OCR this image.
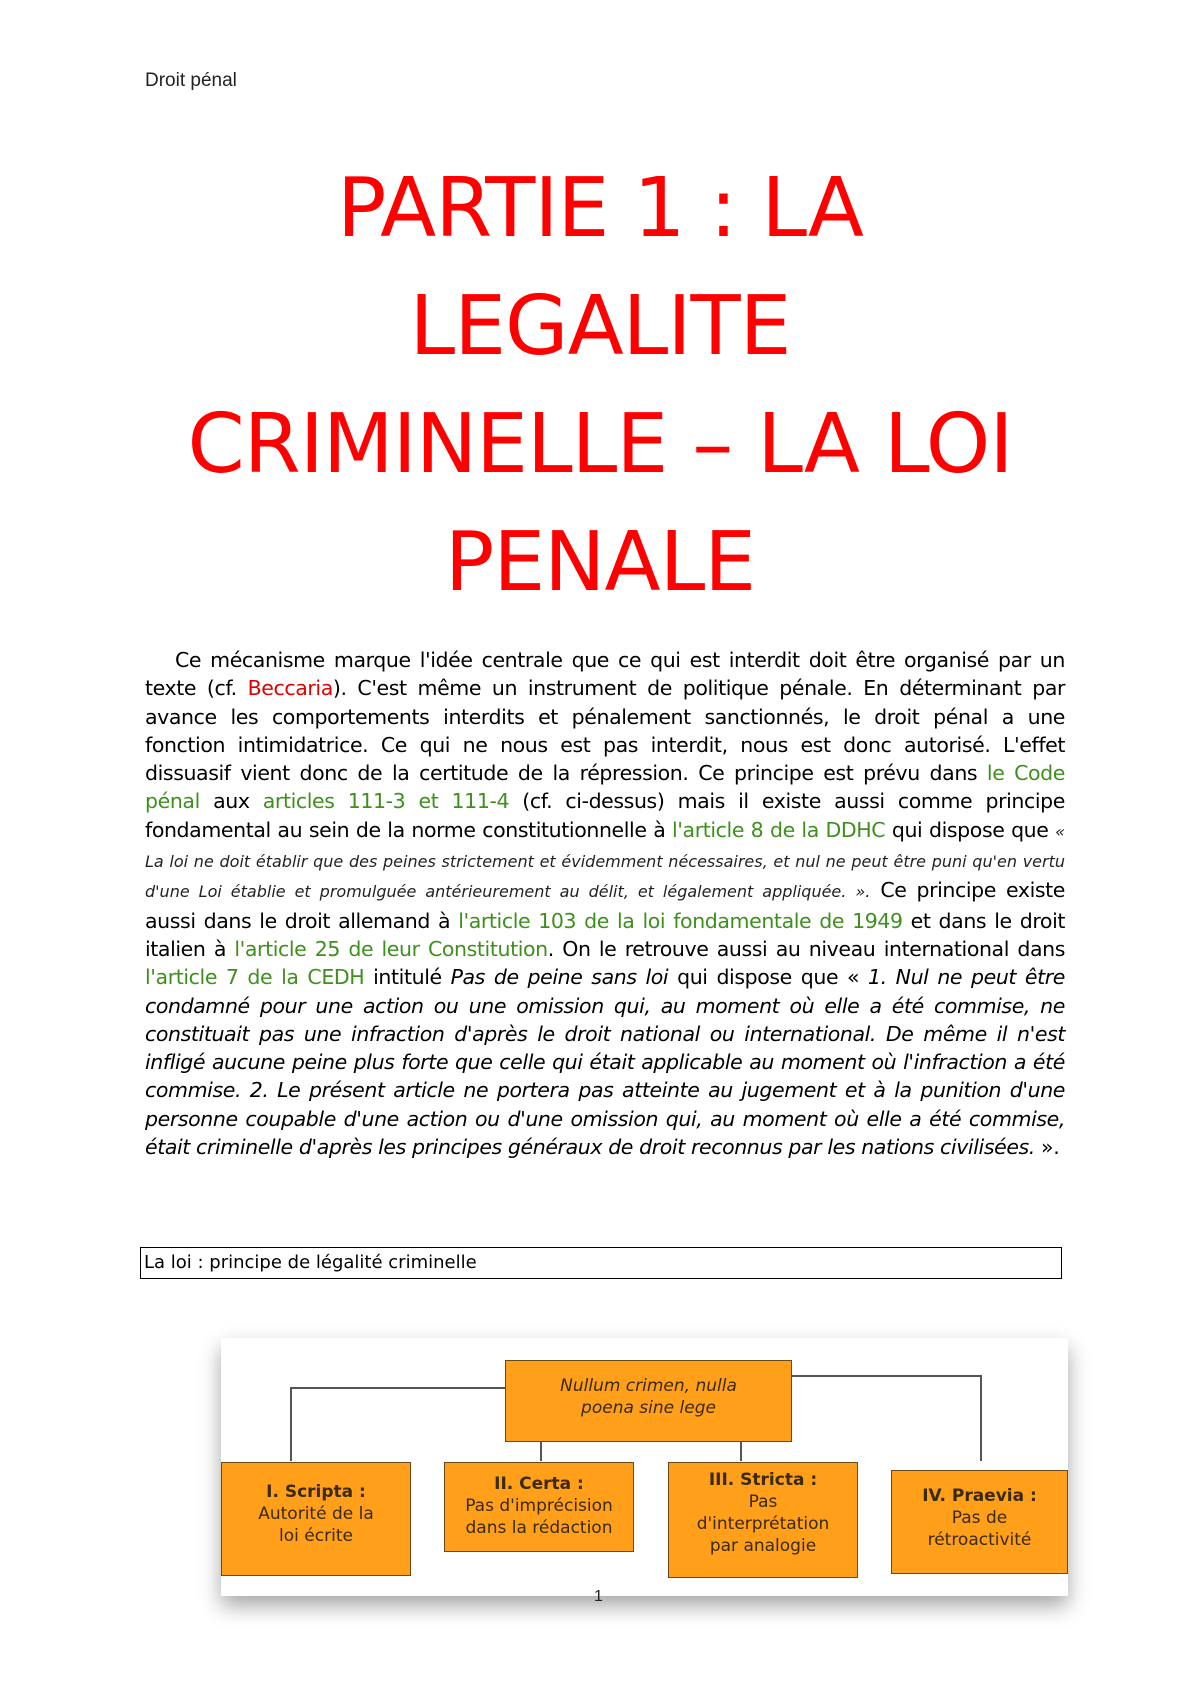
Droit pénal
PARTIE 1 : LA
LEGALITE
CRIMINELLE – LA LOI
PENALE

Ce mécanisme marque l'idée centrale que ce qui est interdit doit être organisé par un texte (cf. Beccaria). C'est même un instrument de politique pénale. En déterminant par avance les comportements interdits et pénalement sanctionnés, le droit pénal a une fonction intimidatrice. Ce qui ne nous est pas interdit, nous est donc autorisé. L'effet dissuasif vient donc de la certitude de la répression. Ce principe est prévu dans le Code pénal aux articles 111-3 et 111-4 (cf. ci-dessus) mais il existe aussi comme principe fondamental au sein de la norme constitutionnelle à l'article 8 de la DDHC qui dispose que « La loi ne doit établir que des peines strictement et évidemment nécessaires, et nul ne peut être puni qu'en vertu d'une Loi établie et promulguée antérieurement au délit, et légalement appliquée. ». Ce principe existe aussi dans le droit allemand à l'article 103 de la loi fondamentale de 1949 et dans le droit italien à l'article 25 de leur Constitution. On le retrouve aussi au niveau international dans l'article 7 de la CEDH intitulé Pas de peine sans loi qui dispose que « 1. Nul ne peut être condamné pour une action ou une omission qui, au moment où elle a été commise, ne constituait pas une infraction d'après le droit national ou international. De même il n'est infligé aucune peine plus forte que celle qui était applicable au moment où l'infraction a été commise. 2. Le présent article ne portera pas atteinte au jugement et à la punition d'une personne coupable d'une action ou d'une omission qui, au moment où elle a été commise, était criminelle d'après les principes généraux de droit reconnus par les nations civilisées. ».

La loi : principe de légalité criminelle
Nullum crimen, nulla
poena sine lege
I. Scripta :
Autorité de la
loi écrite
II. Certa :
Pas d'imprécision
dans la rédaction
III. Stricta :
Pas
d'interprétation
par analogie
IV. Praevia :
Pas de
rétroactivité
1
